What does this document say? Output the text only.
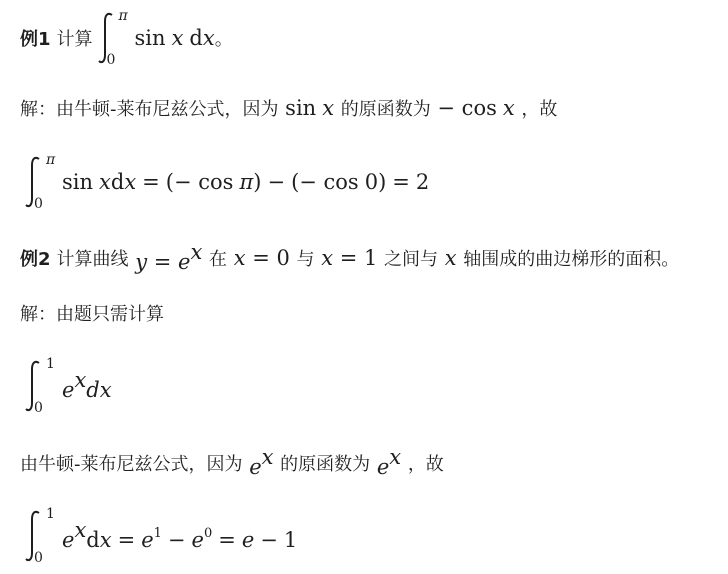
例1 计算
π
0
sin x dx 。
解：由牛顿-莱布尼兹公式，因为 sin x 的原函数为 − cos x ，故
π
0
sin xdx = (− cos π) − (− cos 0) = 2
例2 计算曲线 $y = e^x$ 在 x = 0 与 x = 1 之间与 x 轴围成的曲边梯形的面积。
解：由题只需计算
1
0
$e^xdx$
由牛顿-莱布尼兹公式，因为 $e^x$ 的原函数为 $e^x$ ，故
1
0
$e^xdx = e^1 - e^0 = e - 1$
